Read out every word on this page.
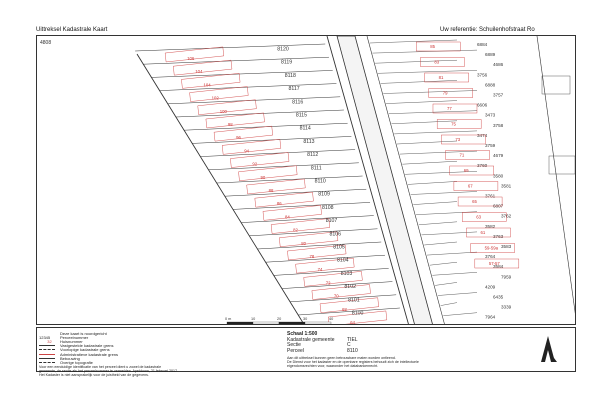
Uittreksel Kadastrale Kaart	Uw referentie: Schuilenhofstraat Ro
4808
106
8120
104
8119
104
8118
102
8117
100
8116
98
8115
96
8114
94
8113
92
8112
90
8111
88
8110
86
8109
84
8108
82
8107
80
8106
78
8105
74
8104
72
8103
70
8102
68
8101
64
8100
6884
6889
4686
3756
6888
3757
6606
3473
3758
3474
3759
4679
3760
3580
3581
3761
6807
3762
3582
3763
3583
3764
3584
7959
4209
6435
3339
7964
85
83
81
79
77
75
73
71
69
67
65
63
61
59-59a
57-57
0 m	10	20	30	40
Deze kaart is noordgericht
12345	Perceelnummer
32	Huisnummer
Vastgestelde kadastrale grens
Voorlopige kadastrale grens
Administratieve kadastrale grens
Bebouwing
Overige topografie
Voor een eenduidige identificatie van het perceel dient u zowel de kadastrale
gemeente, de sectie als het perceelnummer te vermelden. Apeldoorn, 21 februari 2017
Het Kadaster is niet aansprakelijk voor de juistheid van de gegevens.
Schaal 1:500
Kadastrale gemeente	TIEL
Sectie	C
Perceel	8110
Aan dit uittreksel kunnen geen betrouwbare maten worden ontleend.
De Dienst voor het kadaster en de openbare registers behoudt zich de intellectuele
eigendomsrechten voor, waaronder het databankenrecht.
